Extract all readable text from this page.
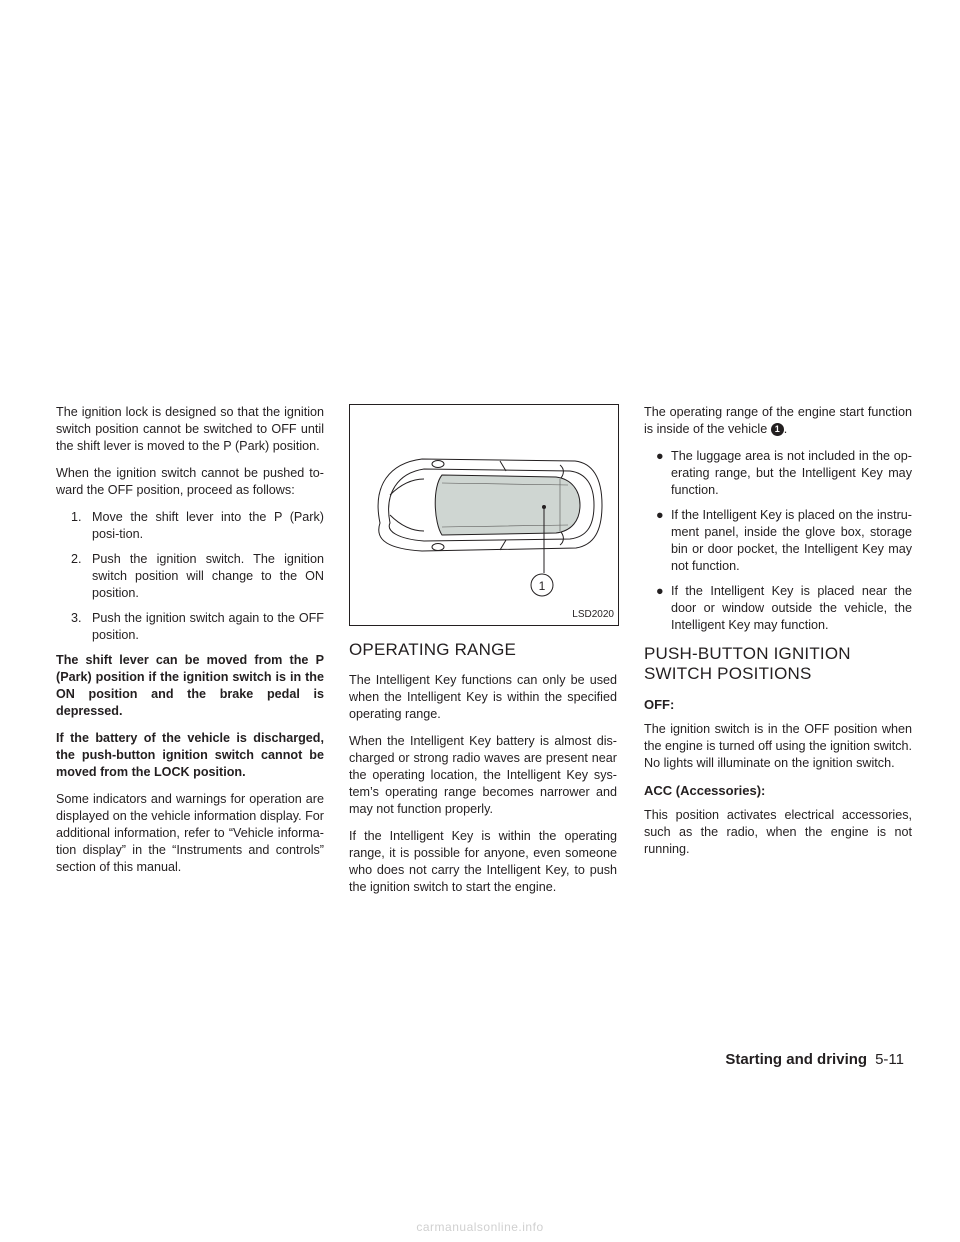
The ignition lock is designed so that the ignition switch position cannot be switched to OFF until the shift lever is moved to the P (Park) position.

When the ignition switch cannot be pushed to-ward the OFF position, proceed as follows:

1. Move the shift lever into the P (Park) posi-tion.
2. Push the ignition switch. The ignition switch position will change to the ON position.
3. Push the ignition switch again to the OFF position.

The shift lever can be moved from the P (Park) position if the ignition switch is in the ON position and the brake pedal is depressed.

If the battery of the vehicle is discharged, the push-button ignition switch cannot be moved from the LOCK position.

Some indicators and warnings for operation are displayed on the vehicle information display. For additional information, refer to “Vehicle informa-tion display” in the “Instruments and controls” section of this manual.

1
LSD2020
OPERATING RANGE

The Intelligent Key functions can only be used when the Intelligent Key is within the specified operating range.

When the Intelligent Key battery is almost dis-charged or strong radio waves are present near the operating location, the Intelligent Key sys-tem’s operating range becomes narrower and may not function properly.

If the Intelligent Key is within the operating range, it is possible for anyone, even someone who does not carry the Intelligent Key, to push the ignition switch to start the engine.

The operating range of the engine start function is inside of the vehicle 1 .

● The luggage area is not included in the op-erating range, but the Intelligent Key may function.
● If the Intelligent Key is placed on the instru-ment panel, inside the glove box, storage bin or door pocket, the Intelligent Key may not function.
● If the Intelligent Key is placed near the door or window outside the vehicle, the Intelligent Key may function.
PUSH-BUTTON IGNITION SWITCH POSITIONS
OFF:

The ignition switch is in the OFF position when the engine is turned off using the ignition switch. No lights will illuminate on the ignition switch.

ACC (Accessories):

This position activates electrical accessories, such as the radio, when the engine is not running.

Starting and driving 5-11
carmanualsonline.info
